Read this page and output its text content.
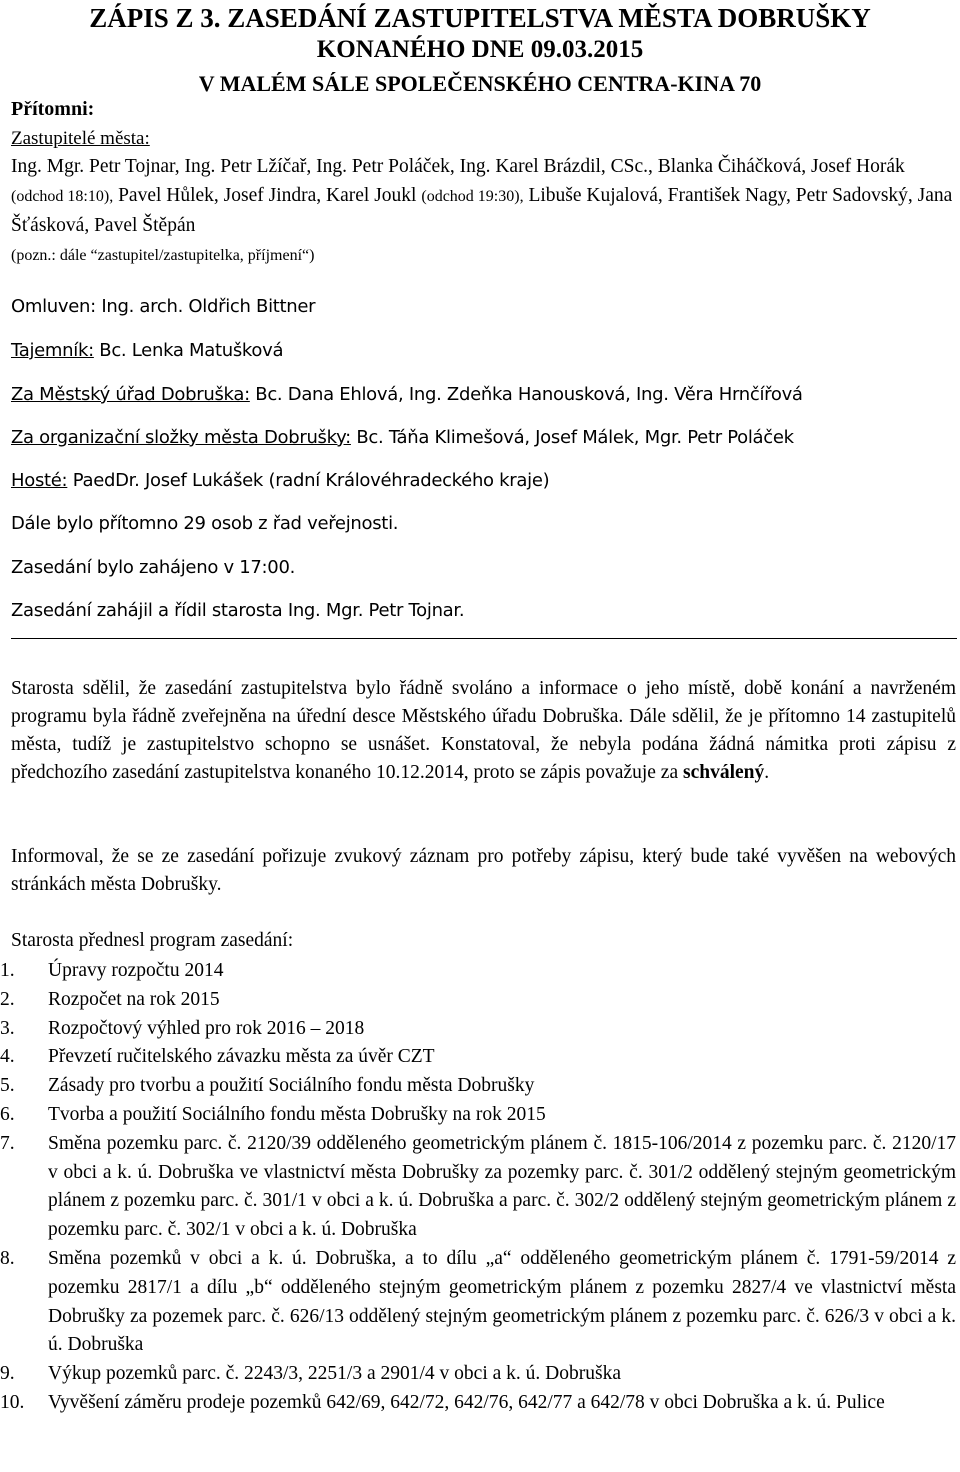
ZÁPIS Z 3. ZASEDÁNÍ ZASTUPITELSTVA MĚSTA DOBRUŠKY
KONANÉHO DNE 09.03.2015
V MALÉM SÁLE SPOLEČENSKÉHO CENTRA-KINA 70
Přítomni:
Zastupitelé města:
Ing. Mgr. Petr Tojnar, Ing. Petr Lžíčař, Ing. Petr Poláček, Ing. Karel Brázdil, CSc., Blanka Čiháčková, Josef Horák (odchod 18:10), Pavel Hůlek, Josef Jindra, Karel Joukl (odchod 19:30), Libuše Kujalová, František Nagy, Petr Sadovský, Jana Šťásková, Pavel Štěpán
(pozn.: dále “zastupitel/zastupitelka, příjmení“)
Omluven: Ing. arch. Oldřich Bittner
Tajemník: Bc. Lenka Matušková
Za Městský úřad Dobruška: Bc. Dana Ehlová, Ing. Zdeňka Hanousková, Ing. Věra Hrnčířová
Za organizační složky města Dobrušky: Bc. Táňa Klimešová, Josef Málek, Mgr. Petr Poláček
Hosté: PaedDr. Josef Lukášek (radní Královéhradeckého kraje)
Dále bylo přítomno 29 osob z řad veřejnosti.
Zasedání bylo zahájeno v 17:00.
Zasedání zahájil a řídil starosta Ing. Mgr. Petr Tojnar.
Starosta sdělil, že zasedání zastupitelstva bylo řádně svoláno a informace o jeho místě, době konání a navrženém programu byla řádně zveřejněna na úřední desce Městského úřadu Dobruška. Dále sdělil, že je přítomno 14 zastupitelů města, tudíž je zastupitelstvo schopno se usnášet. Konstatoval, že nebyla podána žádná námitka proti zápisu z předchozího zasedání zastupitelstva konaného 10.12.2014, proto se zápis považuje za schválený.
Informoval, že se ze zasedání pořizuje zvukový záznam pro potřeby zápisu, který bude také vyvěšen na webových stránkách města Dobrušky.
Starosta přednesl program zasedání:
1.	Úpravy rozpočtu 2014
2.	Rozpočet na rok 2015
3.	Rozpočtový výhled pro rok 2016 – 2018
4.	Převzetí ručitelského závazku města za úvěr CZT
5.	Zásady pro tvorbu a použití Sociálního fondu města Dobrušky
6.	Tvorba a použití Sociálního fondu města Dobrušky na rok 2015
7.	Směna pozemku parc. č. 2120/39 odděleného geometrickým plánem č. 1815-106/2014 z pozemku parc. č. 2120/17 v obci a k. ú. Dobruška ve vlastnictví města Dobrušky za pozemky parc. č. 301/2 oddělený stejným geometrickým plánem z pozemku parc. č. 301/1 v obci a k. ú. Dobruška a parc. č. 302/2 oddělený stejným geometrickým plánem z pozemku parc. č. 302/1 v obci a k. ú. Dobruška
8.	Směna pozemků v obci a k. ú. Dobruška, a to dílu „a“ odděleného geometrickým plánem č. 1791-59/2014 z pozemku 2817/1 a dílu „b“ odděleného stejným geometrickým plánem z pozemku 2827/4 ve vlastnictví města Dobrušky za pozemek parc. č. 626/13 oddělený stejným geometrickým plánem z pozemku parc. č. 626/3 v obci a k. ú. Dobruška
9.	Výkup pozemků parc. č. 2243/3, 2251/3 a 2901/4 v obci a k. ú. Dobruška
10.	Vyvěšení záměru prodeje pozemků 642/69, 642/72, 642/76, 642/77 a 642/78 v obci Dobruška a k. ú. Pulice
